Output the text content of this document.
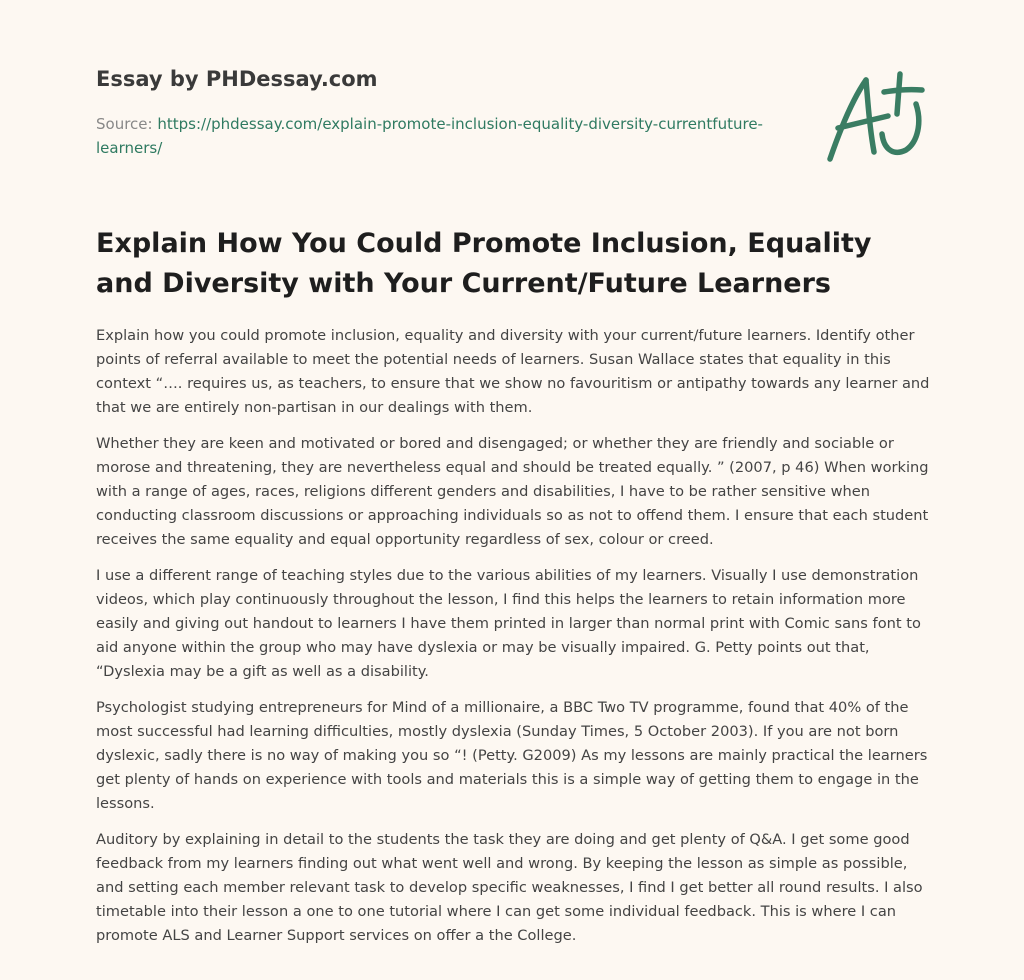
Essay by PHDessay.com
Source: https://phdessay.com/explain-promote-inclusion-equality-diversity-currentfuture-learners/
Explain How You Could Promote Inclusion, Equality and Diversity with Your Current/Future Learners

Explain how you could promote inclusion, equality and diversity with your current/future learners. Identify other points of referral available to meet the potential needs of learners. Susan Wallace states that equality in this context “…. requires us, as teachers, to ensure that we show no favouritism or antipathy towards any learner and that we are entirely non-partisan in our dealings with them.

Whether they are keen and motivated or bored and disengaged; or whether they are friendly and sociable or morose and threatening, they are nevertheless equal and should be treated equally. ” (2007, p 46) When working with a range of ages, races, religions different genders and disabilities, I have to be rather sensitive when conducting classroom discussions or approaching individuals so as not to offend them. I ensure that each student receives the same equality and equal opportunity regardless of sex, colour or creed.

I use a different range of teaching styles due to the various abilities of my learners. Visually I use demonstration videos, which play continuously throughout the lesson, I find this helps the learners to retain information more easily and giving out handout to learners I have them printed in larger than normal print with Comic sans font to aid anyone within the group who may have dyslexia or may be visually impaired. G. Petty points out that, “Dyslexia may be a gift as well as a disability.

Psychologist studying entrepreneurs for Mind of a millionaire, a BBC Two TV programme, found that 40% of the most successful had learning difficulties, mostly dyslexia (Sunday Times, 5 October 2003). If you are not born dyslexic, sadly there is no way of making you so “! (Petty. G2009) As my lessons are mainly practical the learners get plenty of hands on experience with tools and materials this is a simple way of getting them to engage in the lessons.

Auditory by explaining in detail to the students the task they are doing and get plenty of Q&A. I get some good feedback from my learners finding out what went well and wrong. By keeping the lesson as simple as possible, and setting each member relevant task to develop specific weaknesses, I find I get better all round results. I also timetable into their lesson a one to one tutorial where I can get some individual feedback. This is where I can promote ALS and Learner Support services on offer a the College.
